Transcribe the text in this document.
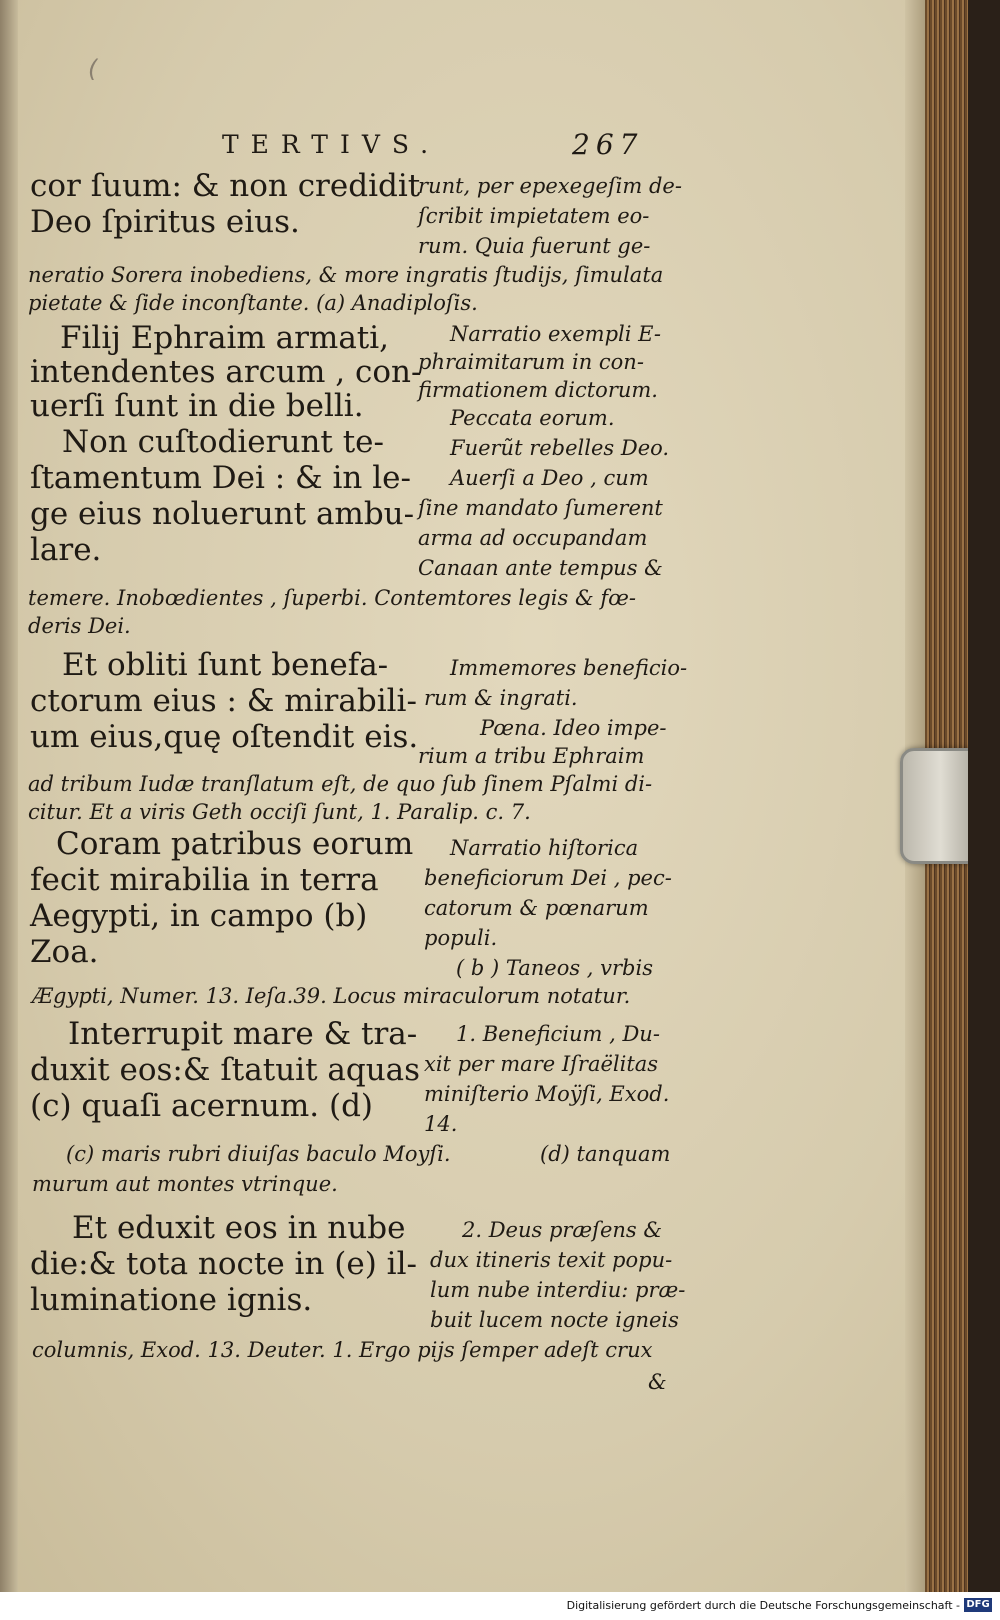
(
TERTIVS.	267
cor ſuum: & non credidit
Deo ſpiritus eius.
runt, per epexegeſim de-
ſcribit impietatem eo-
rum. Quia fuerunt ge-
neratio Sorera inobediens, & more ingratis ſtudijs, ſimulata
pietate & ſide inconſtante. (a) Anadiploſis.
Filij Ephraim armati,
intendentes arcum , con-
uerſi ſunt in die belli.
Narratio exempli E-
phraimitarum in con-
firmationem dictorum.
Peccata eorum.
Non cuſtodierunt te-
ſtamentum Dei : & in le-
ge eius noluerunt ambu-
lare.
Fuerũt rebelles Deo.
Auerſi a Deo , cum
ſine mandato ſumerent
arma ad occupandam
Canaan ante tempus &
temere. Inobœdientes , ſuperbi. Contemtores legis & fœ-
deris Dei.
Et obliti ſunt benefa-
ctorum eius : & mirabili-
um eius,quę oſtendit eis.
Immemores beneficio-
rum & ingrati.
Pœna. Ideo impe-
rium a tribu Ephraim
ad tribum Iudæ tranſlatum eſt, de quo ſub ſinem Pſalmi di-
citur. Et a viris Geth occiſi ſunt, 1. Paralip. c. 7.
Coram patribus eorum
fecit mirabilia in terra
Aegypti, in campo (b)
Zoa.
Narratio hiſtorica
beneficiorum Dei , pec-
catorum & pœnarum
populi.
( b ) Taneos , vrbis
Ægypti, Numer. 13. Ieſa.39. Locus miraculorum notatur.
Interrupit mare & tra-
duxit eos:& ſtatuit aquas
(c) quaſi acernum. (d)
1. Beneficium , Du-
xit per mare Iſraëlitas
miniſterio Moÿſi, Exod.
14.
(c) maris rubri diuiſas baculo Moyſi.	(d) tanquam
murum aut montes vtrinque.
Et eduxit eos in nube
die:& tota nocte in (e) il-
luminatione ignis.
2. Deus præſens &
dux itineris texit popu-
lum nube interdiu: præ-
buit lucem nocte igneis
columnis, Exod. 13. Deuter. 1. Ergo pijs ſemper adeſt crux
&
Digitalisierung gefördert durch die Deutsche Forschungsgemeinschaft - DFG
